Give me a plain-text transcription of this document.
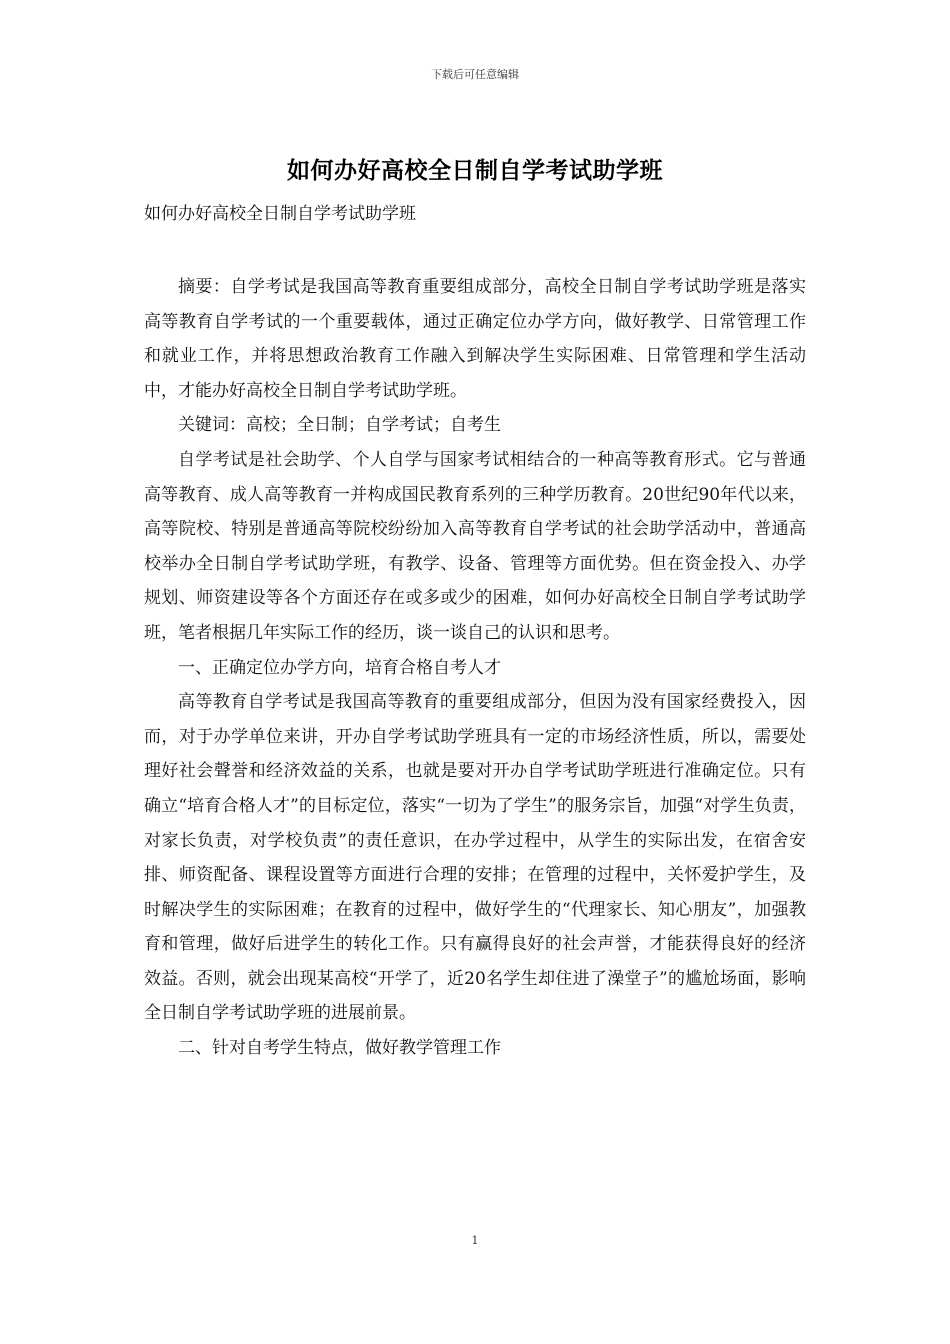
下载后可任意编辑
如何办好高校全日制自学考试助学班
如何办好高校全日制自学考试助学班

摘要：自学考试是我国高等教育重要组成部分，高校全日制自学考试助学班是落实高等教育自学考试的一个重要载体，通过正确定位办学方向，做好教学、日常管理工作和就业工作，并将思想政治教育工作融入到解决学生实际困难、日常管理和学生活动中，才能办好高校全日制自学考试助学班。

关键词：高校；全日制；自学考试；自考生

自学考试是社会助学、个人自学与国家考试相结合的一种高等教育形式。它与普通高等教育、成人高等教育一并构成国民教育系列的三种学历教育。20世纪90年代以来，高等院校、特别是普通高等院校纷纷加入高等教育自学考试的社会助学活动中，普通高校举办全日制自学考试助学班，有教学、设备、管理等方面优势。但在资金投入、办学规划、师资建设等各个方面还存在或多或少的困难，如何办好高校全日制自学考试助学班，笔者根据几年实际工作的经历，谈一谈自己的认识和思考。

一、正确定位办学方向，培育合格自考人才

高等教育自学考试是我国高等教育的重要组成部分，但因为没有国家经费投入，因而，对于办学单位来讲，开办自学考试助学班具有一定的市场经济性质，所以，需要处理好社会聲誉和经济效益的关系，也就是要对开办自学考试助学班进行准确定位。只有确立“培育合格人才”的目标定位，落实“一切为了学生”的服务宗旨，加强“对学生负责，对家长负责，对学校负责”的责任意识，在办学过程中，从学生的实际出发，在宿舍安排、师资配备、课程设置等方面进行合理的安排；在管理的过程中，关怀爱护学生，及时解决学生的实际困难；在教育的过程中，做好学生的“代理家长、知心朋友”，加强教育和管理，做好后进学生的转化工作。只有赢得良好的社会声誉，才能获得良好的经济效益。否则，就会出现某高校“开学了，近20名学生却住进了澡堂子”的尴尬场面，影响全日制自学考试助学班的进展前景。

二、针对自考学生特点，做好教学管理工作

1
